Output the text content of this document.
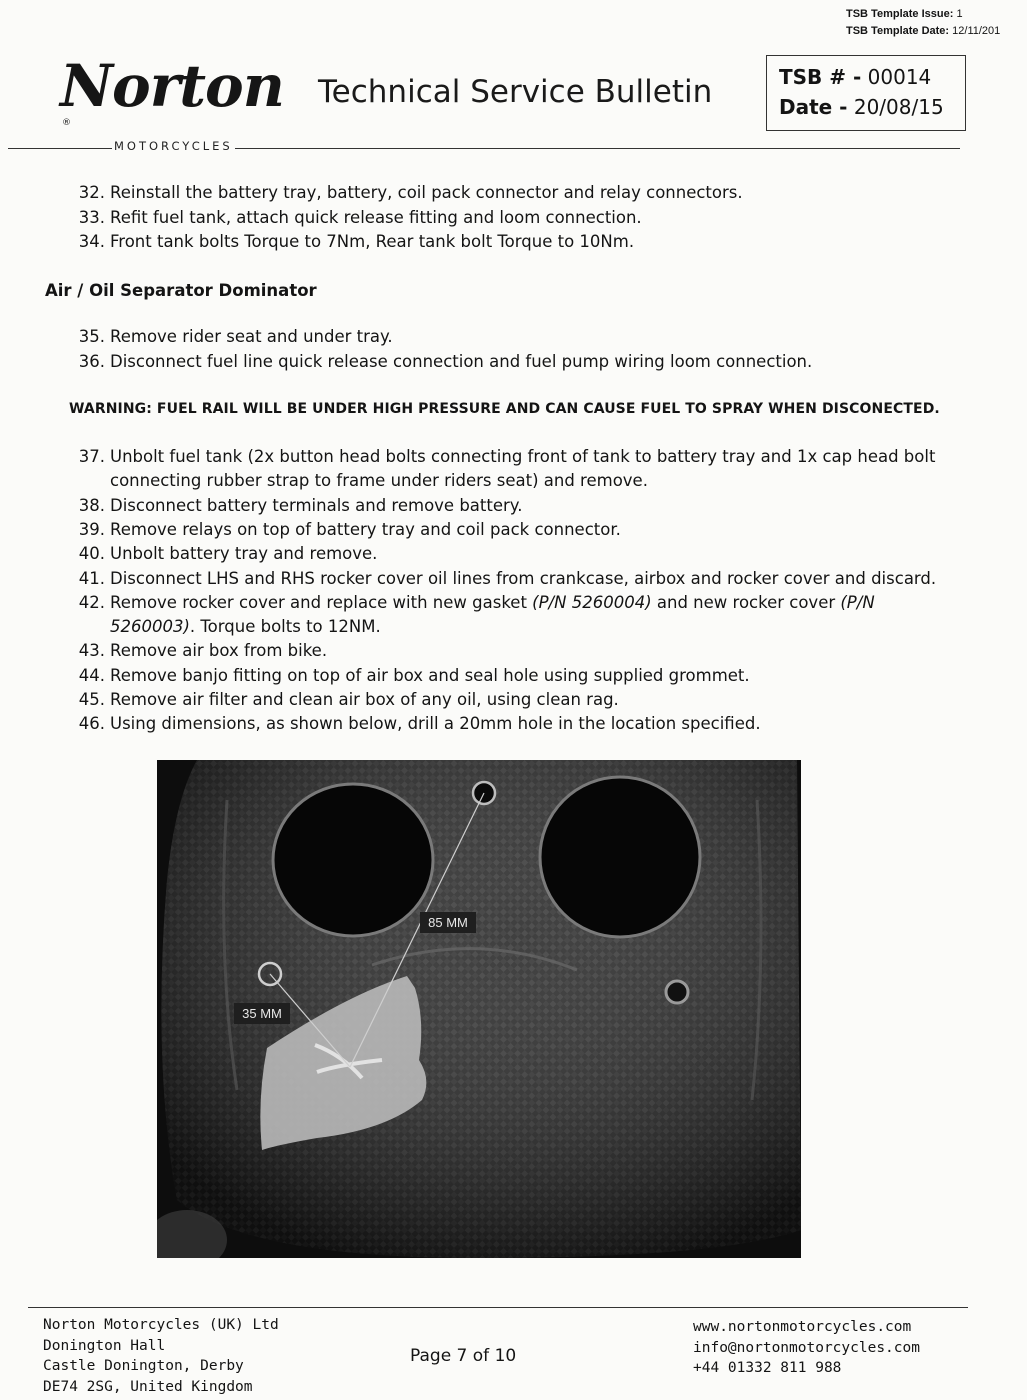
TSB Template Issue: 1
TSB Template Date: 12/11/201
Norton
®
MOTORCYCLES
Technical Service Bulletin	TSB # - 00014
Date - 20/08/15
32. Reinstall the battery tray, battery, coil pack connector and relay connectors.
33. Refit fuel tank, attach quick release fitting and loom connection.
34. Front tank bolts Torque to 7Nm, Rear tank bolt Torque to 10Nm.
Air / Oil Separator Dominator
35. Remove rider seat and under tray.
36. Disconnect fuel line quick release connection and fuel pump wiring loom connection.
WARNING: FUEL RAIL WILL BE UNDER HIGH PRESSURE AND CAN CAUSE FUEL TO SPRAY WHEN DISCONECTED.
37. Unbolt fuel tank (2x button head bolts connecting front of tank to battery tray and 1x cap head bolt
connecting rubber strap to frame under riders seat) and remove.
38. Disconnect battery terminals and remove battery.
39. Remove relays on top of battery tray and coil pack connector.
40. Unbolt battery tray and remove.
41. Disconnect LHS and RHS rocker cover oil lines from crankcase, airbox and rocker cover and discard.
42. Remove rocker cover and replace with new gasket (P/N 5260004) and new rocker cover (P/N
5260003). Torque bolts to 12NM.
43. Remove air box from bike.
44. Remove banjo fitting on top of air box and seal hole using supplied grommet.
45. Remove air filter and clean air box of any oil, using clean rag.
46. Using dimensions, as shown below, drill a 20mm hole in the location specified.
85 MM
35 MM
Norton Motorcycles (UK) Ltd
Donington Hall
Castle Donington, Derby
DE74 2SG, United Kingdom
Page 7 of 10
www.nortonmotorcycles.com
info@nortonmotorcycles.com
+44 01332 811 988
